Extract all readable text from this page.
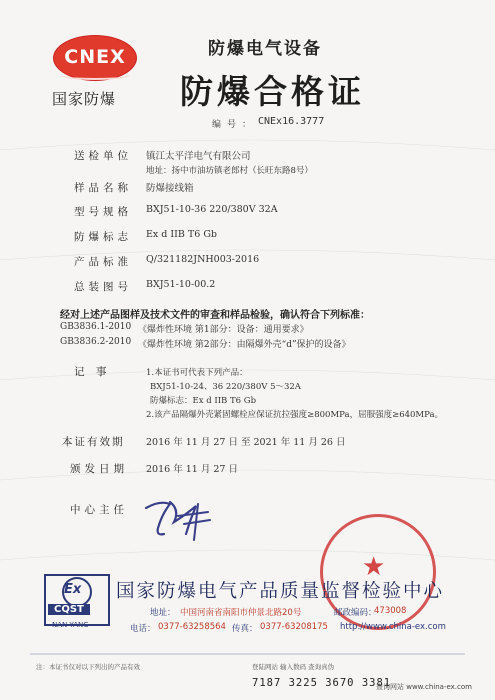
CNEX
国家防爆
防爆电气设备
防爆合格证
编号： CNEx16.3777
送检单位 镇江太平洋电气有限公司
地址：扬中市油坊镇老郎村（长旺东路8号）
样品名称 防爆接线箱
型号规格 BXJ51-10-36 220/380V 32A
防爆标志 Ex d IIB T6 Gb
产品标准 Q/321182JNH003-2016
总装图号 BXJ51-10-00.2
经对上述产品图样及技术文件的审查和样品检验，确认符合下列标准：
GB3836.1-2010 《爆炸性环境 第1部分：设备：通用要求》
GB3836.2-2010 《爆炸性环境 第2部分：由隔爆外壳“d”保护的设备》
记 事	1.本证书可代表下列产品：
BXJ51-10-24、36 220/380V 5～32A
防爆标志：Ex d IIB T6 Gb
2.该产品隔爆外壳紧固螺栓应保证抗拉强度≥800MPa，屈服强度≥640MPa。
本证有效期 2016 年 11 月 27 日 至 2021 年 11 月 26 日
颁发日期 2016 年 11 月 27 日
中心主任
★
Ex
CQST
NAN YANG
国家防爆电气产品质量监督检验中心
地址： 中国河南省南阳市仲景北路20号	邮政编码：
473008
电话： 0377-63258564 传真： 0377-63208175 http://www.china-ex.com
注：本证书仅对以下列出的产品有效	登陆网站 输入数码 查询真伪
7187 3225 3670 3381
查询网站 www.china-ex.com
